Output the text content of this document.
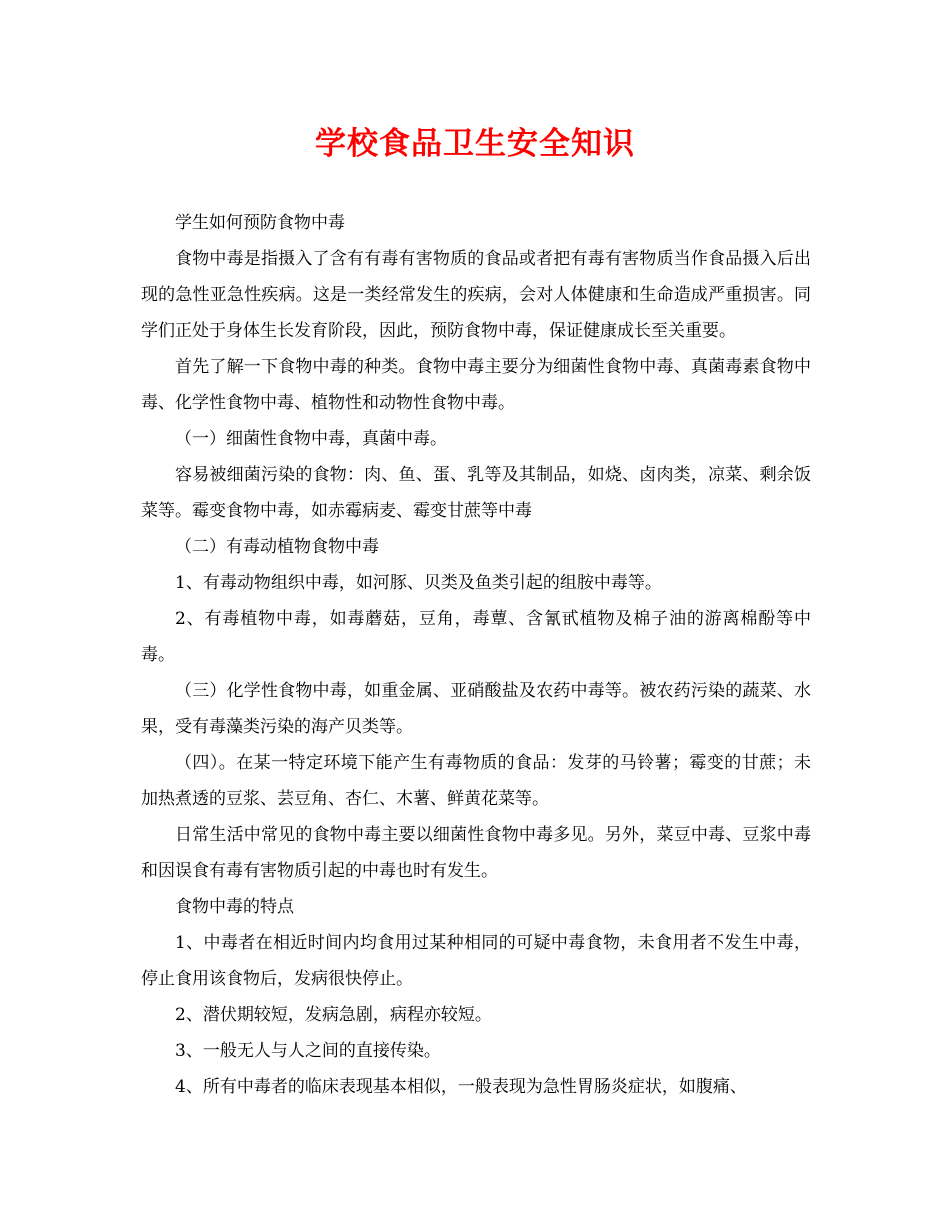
学校食品卫生安全知识

学生如何预防食物中毒

食物中毒是指摄入了含有有毒有害物质的食品或者把有毒有害物质当作食品摄入后出现的急性亚急性疾病。这是一类经常发生的疾病，会对人体健康和生命造成严重损害。同学们正处于身体生长发育阶段，因此，预防食物中毒，保证健康成长至关重要。

首先了解一下食物中毒的种类。食物中毒主要分为细菌性食物中毒、真菌毒素食物中毒、化学性食物中毒、植物性和动物性食物中毒。

（一）细菌性食物中毒，真菌中毒。

容易被细菌污染的食物：肉、鱼、蛋、乳等及其制品，如烧、卤肉类，凉菜、剩余饭菜等。霉变食物中毒，如赤霉病麦、霉变甘蔗等中毒

（二）有毒动植物食物中毒

1、有毒动物组织中毒，如河豚、贝类及鱼类引起的组胺中毒等。

2、有毒植物中毒，如毒蘑菇，豆角，毒蕈、含氰甙植物及棉子油的游离棉酚等中毒。

（三）化学性食物中毒，如重金属、亚硝酸盐及农药中毒等。被农药污染的蔬菜、水果，受有毒藻类污染的海产贝类等。

（四）。在某一特定环境下能产生有毒物质的食品：发芽的马铃薯；霉变的甘蔗；未加热煮透的豆浆、芸豆角、杏仁、木薯、鲜黄花菜等。

日常生活中常见的食物中毒主要以细菌性食物中毒多见。另外，菜豆中毒、豆浆中毒和因误食有毒有害物质引起的中毒也时有发生。

食物中毒的特点

1、中毒者在相近时间内均食用过某种相同的可疑中毒食物，未食用者不发生中毒，停止食用该食物后，发病很快停止。

2、潜伏期较短，发病急剧，病程亦较短。

3、一般无人与人之间的直接传染。

4、所有中毒者的临床表现基本相似，一般表现为急性胃肠炎症状，如腹痛、
